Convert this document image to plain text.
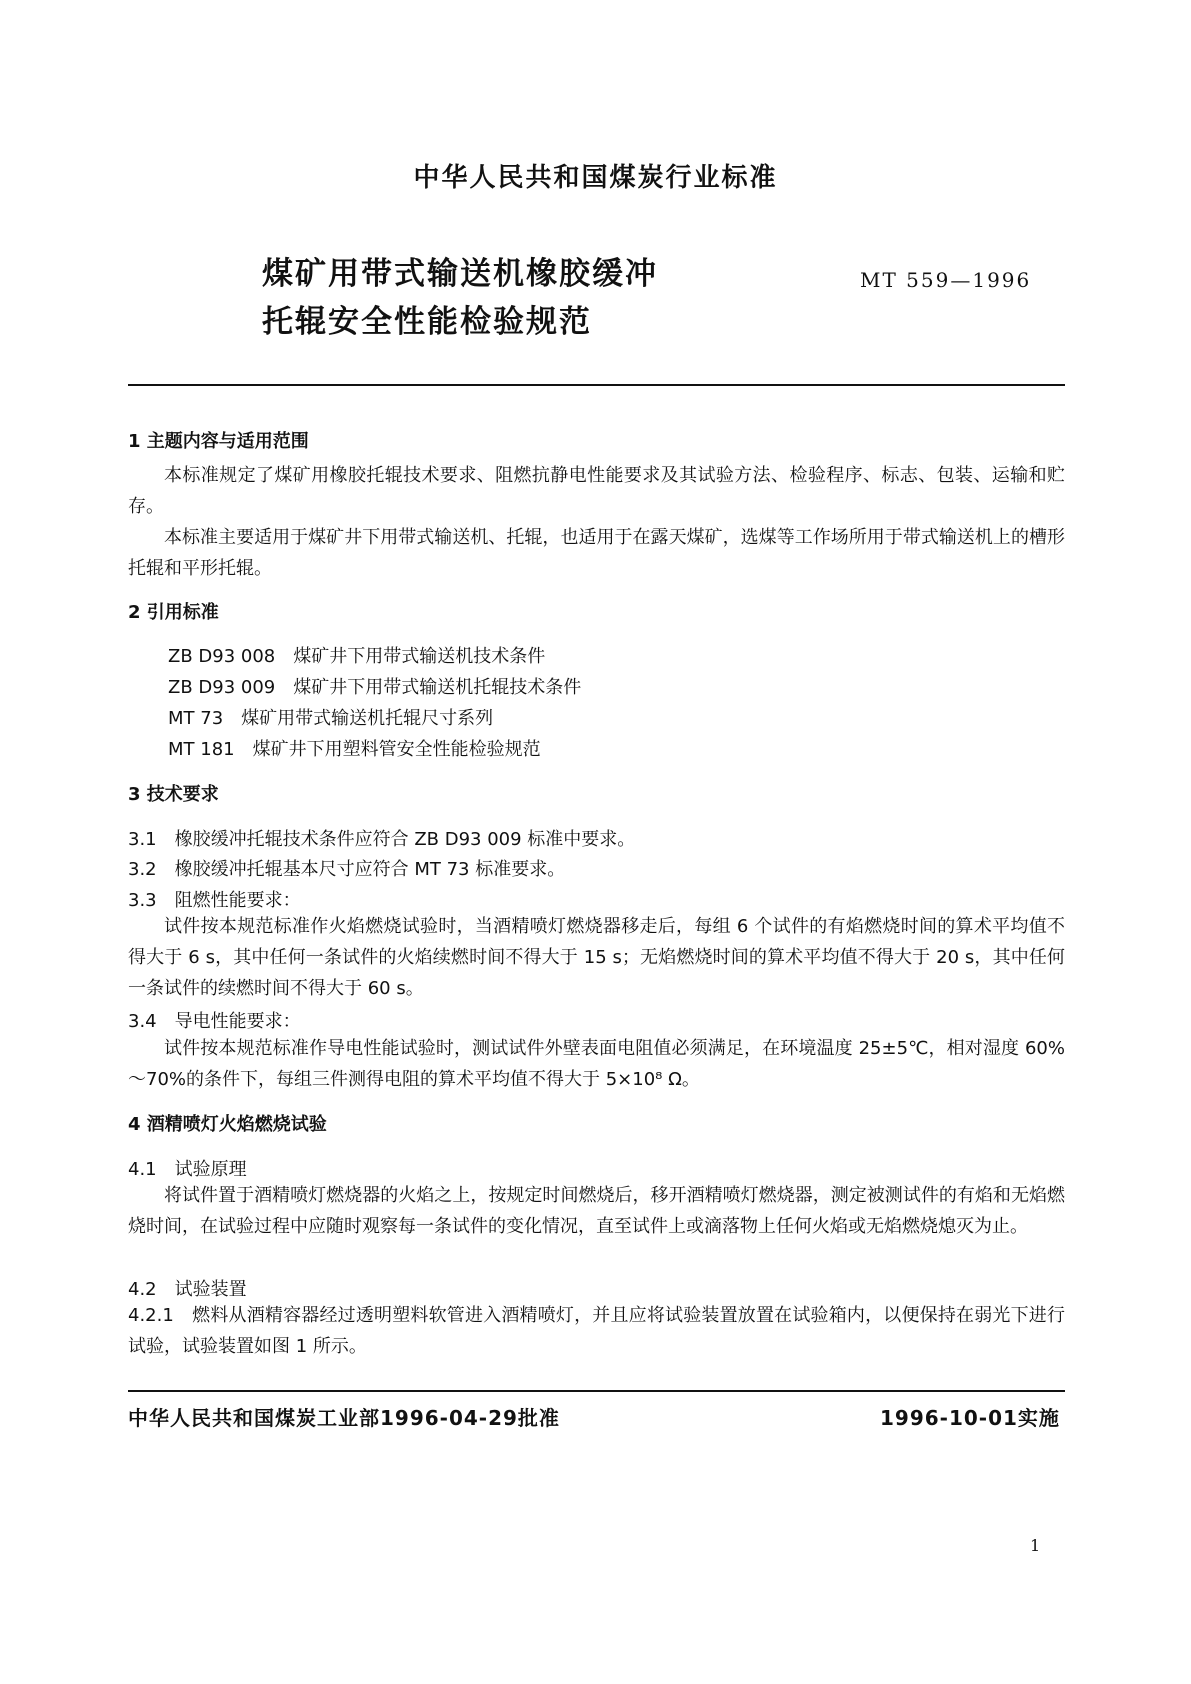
中华人民共和国煤炭行业标准
煤矿用带式输送机橡胶缓冲
托辊安全性能检验规范
MT 559—1996
1 主题内容与适用范围
本标准规定了煤矿用橡胶托辊技术要求、阻燃抗静电性能要求及其试验方法、检验程序、标志、包装、运输和贮存。
本标准主要适用于煤矿井下用带式输送机、托辊，也适用于在露天煤矿，选煤等工作场所用于带式输送机上的槽形托辊和平形托辊。
2 引用标准
ZB D93 008　煤矿井下用带式输送机技术条件
ZB D93 009　煤矿井下用带式输送机托辊技术条件
MT 73　煤矿用带式输送机托辊尺寸系列
MT 181　煤矿井下用塑料管安全性能检验规范
3 技术要求
3.1　橡胶缓冲托辊技术条件应符合 ZB D93 009 标准中要求。
3.2　橡胶缓冲托辊基本尺寸应符合 MT 73 标准要求。
3.3　阻燃性能要求：
试件按本规范标准作火焰燃烧试验时，当酒精喷灯燃烧器移走后，每组 6 个试件的有焰燃烧时间的算术平均值不得大于 6 s，其中任何一条试件的火焰续燃时间不得大于 15 s；无焰燃烧时间的算术平均值不得大于 20 s，其中任何一条试件的续燃时间不得大于 60 s。
3.4　导电性能要求：
试件按本规范标准作导电性能试验时，测试试件外壁表面电阻值必须满足，在环境温度 25±5℃，相对湿度 60%～70%的条件下，每组三件测得电阻的算术平均值不得大于 5×10⁸ Ω。
4 酒精喷灯火焰燃烧试验
4.1　试验原理
将试件置于酒精喷灯燃烧器的火焰之上，按规定时间燃烧后，移开酒精喷灯燃烧器，测定被测试件的有焰和无焰燃烧时间，在试验过程中应随时观察每一条试件的变化情况，直至试件上或滴落物上任何火焰或无焰燃烧熄灭为止。
4.2　试验装置
4.2.1　燃料从酒精容器经过透明塑料软管进入酒精喷灯，并且应将试验装置放置在试验箱内，以便保持在弱光下进行试验，试验装置如图 1 所示。
中华人民共和国煤炭工业部1996-04-29批准	1996-10-01实施
1
